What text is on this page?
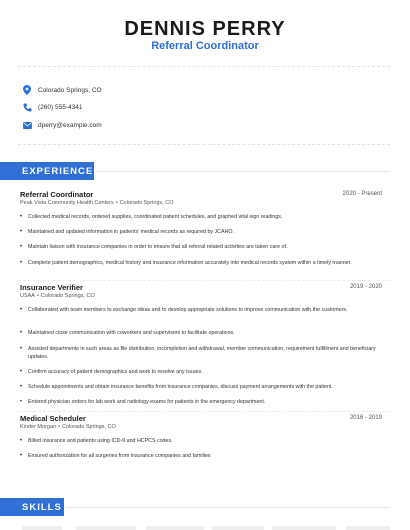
DENNIS PERRY
Referral Coordinator
Colorado Springs, CO
(260) 555-4341
dperry@example.com
EXPERIENCE
Referral Coordinator	2020 - Present
Peak Vista Community Health Centers • Colorado Springs, CO
•	Collected medical records, ordered supplies, coordinated patient schedules, and graphed vital sign readings.
•	Maintained and updated information in patients' medical records as required by JCAHO.
•	Maintain liaison with insurance companies in order to ensure that all referral related activities are taken care of.
•	Complete patient demographics, medical history and insurance information accurately into medical records system within a timely manner.
Insurance Verifier	2019 - 2020
USAA • Colorado Springs, CO
•	Collaborated with team members to exchange ideas and to develop appropriate solutions to improve communication with the customers.
•	Maintained close communication with coworkers and supervisors to facilitate operations.
•	Assisted departments in such areas as file distribution, incompletion and withdrawal, member communication, requirement fulfillment and beneficiary updates.
•	Confirm accuracy of patient demographics and work to resolve any issues.
•	Schedule appointments and obtain insurance benefits from insurance companies, discuss payment arrangements with the patient.
•	Entered physician orders for lab work and radiology exams for patients in the emergency department.
Medical Scheduler	2016 - 2019
Kinder Morgan • Colorado Springs, CO
•	Billed insurance and patients using ICD-9 and HCPCS codes.
•	Ensured authorization for all surgeries from insurance companies and families
SKILLS
